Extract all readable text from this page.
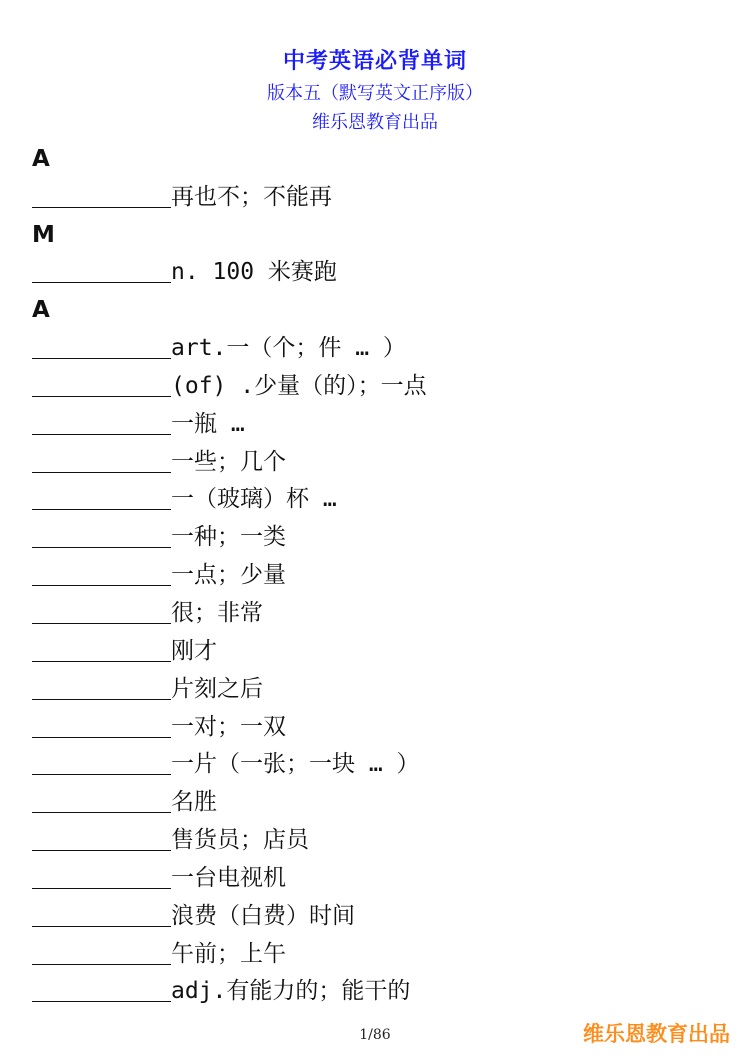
中考英语必背单词
版本五（默写英文正序版）
维乐恩教育出品
A
再也不；不能再
M
n. 100 米赛跑
A
art.一（个；件 … ）
(of) .少量（的）；一点
一瓶 …
一些；几个
一（玻璃）杯 …
一种；一类
一点；少量
很；非常
刚才
片刻之后
一对；一双
一片（一张；一块 … ）
名胜
售货员；店员
一台电视机
浪费（白费）时间
午前；上午
adj.有能力的；能干的
1/86	维乐恩教育出品
